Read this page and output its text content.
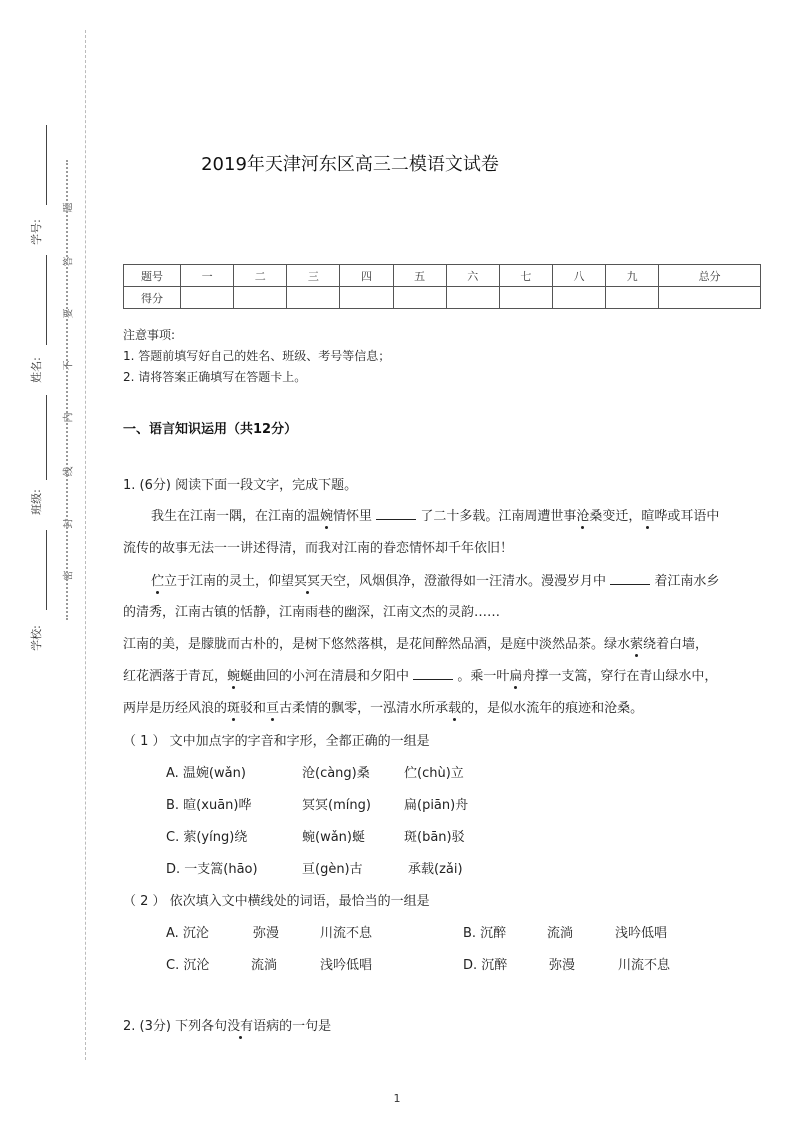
学号:
姓名:
班级:
学校:
题
答
要
不
内
线
封
密
2019年天津河东区高三二模语文试卷
题号	一	二	三	四	五	六	七	八	九	总分
得分										
注意事项:
1. 答题前填写好自己的姓名、班级、考号等信息；
2. 请将答案正确填写在答题卡上。
一、语言知识运用（共12分）
1. (6分) 阅读下面一段文字，完成下题。
我生在江南一隅，在江南的温婉情怀里	了二十多载。江南周遭世事沧桑变迁，暄哗或耳语中
流传的故事无法一一讲述得清，而我对江南的眷恋情怀却千年依旧！
伫立于江南的灵土，仰望冥冥天空，风烟俱净，澄澈得如一汪清水。漫漫岁月中	着江南水乡
的清秀，江南古镇的恬静，江南雨巷的幽深，江南文杰的灵韵……
江南的美，是朦胧而古朴的，是树下悠然落棋，是花间醉然品酒，是庭中淡然品茶。绿水萦绕着白墙，
红花洒落于青瓦，蜿蜒曲回的小河在清晨和夕阳中	。乘一叶扁舟撑一支篙，穿行在青山绿水中，
两岸是历经风浪的斑驳和亘古柔情的飘零，一泓清水所承载的，是似水流年的痕迹和沧桑。
（ 1 ） 文中加点字的字音和字形，全都正确的一组是
A. 温婉(wǎn)	沧(càng)桑	伫(chù)立
B. 暄(xuān)哗	冥冥(míng)	扁(piān)舟
C. 萦(yíng)绕	蜿(wǎn)蜒	斑(bān)驳
D. 一支篙(hāo)	亘(gèn)古	承载(zǎi)
（ 2 ） 依次填入文中横线处的词语，最恰当的一组是
A. 沉沦	弥漫	川流不息	B. 沉醉	流淌	浅吟低唱
C. 沉沦	流淌	浅吟低唱	D. 沉醉	弥漫	川流不息
2. (3分) 下列各句没有语病的一句是
1
